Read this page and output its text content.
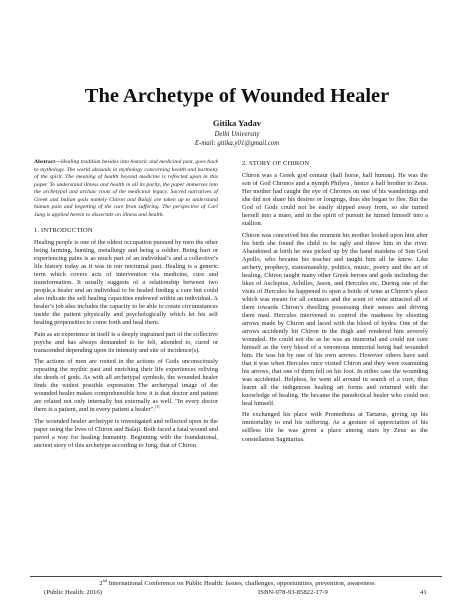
The Archetype of Wounded Healer
Gitika Yadav
Delhi University
E-mail: gitika.y01@gmail.com

Abstract—Healing tradition besides into historic and medicinal past, goes back to mythology. The world abounds in mythology concerning health and harmony of the spirit. The meaning of health beyond medicine is reflected upon in this paper. To understand illness and health in all its purity, the paper immerses into the archetypal and archaic roots of the medicinal legacy. Sacred narratives of Greek and Indian gods namely Chiron and Balaji are taken up to understand human pain and begetting of the cure from suffering. The perspective of Carl Jung is applied herein to dissertate on illness and health.

1. INTRODUCTION

Healing people is one of the oldest occupation pursued by men the other being farming, hunting, metallurgy and being a soldier. Being hurt or experiencing pains is as much part of an individual’s and a collective’s life history today as it was in our nocturnal past. Healing is a generic term which covers acts of intervention via medicine, cure and transformation. It usually suggests of a relationship between two people,a healer and an individual to be healed finding a cure but could also indicate the self healing capacities endowed within an individual. A healer’s job also includes the capacity to be able to create circumstances inside the patient physically and psychologically which let his self healing propensities to come forth and heal them.

Pain as an experience in itself is a deeply ingrained part of the collective psyche and has always demanded to be felt, attended to, cured or transcended depending upon its intensity and site of incidence(s).

The actions of men are rooted in the actions of Gods unconsciously repeating the mythic past and enriching their life experiences reliving the deeds of gods. As with all archetypal symbols, the wounded healer finds the widest possible expression The archetypal image of the wounded healer makes comprehensible how it is that doctor and patient are related not only internally but externally as well. "In every doctor there is a patient, and in every patient a healer".[1]

The wounded healer archetype is investigated and reflected upon in the paper using the lives of Chiron and Balaji. Both faced a fatal wound and paved a way for healing humanity. Beginning with the foundational, ancient story of this archetype according to Jung, that of Chiron.

2. STORY OF CHIRON

Chiron was a Greek god centaur (half horse, half human). He was the son of God Chronos and a nymph Philyra , hence a half brother to Zeus. Her mother had caught the eye of Chronos on one of his wanderings and she did not share his desires or longings, thus she began to flee. But the God of Gods could not be easily slipped away from, so she turned herself into a mare, and in the spirit of pursuit he turned himself into a stallion.

Chiron was conceived but the moment his mother looked upon him after his birth she found the child to be ugly and threw him in the river. Abandoned at birth he was picked up by the hand maidens of Sun God Apollo, who became his teacher and taught him all he knew. Like archery, prophecy, statesmanship, politics, music, poetry and the art of healing. Chiron taught many other Greek heroes and gods including the likes of Asclepius, Achilles, Jason, and Hercules etc. During one of the visits of Hercules he happened to open a bottle of wine at Chiron’s place which was meant for all centaurs and the scent of wine attracted all of them towards Chiron’s dwelling possessing their senses and driving them mad. Hercules intervened to control the madness by shooting arrows made by Chiron and laced with the blood of hydra. One of the arrows accidently hit Chiron in the thigh and rendered him severely wounded. He could not die as he was an immortal and could not cure himself as the very blood of a venomous immortal being had wounded him. He was hit by one of his own arrows. However others have said that it was when Hercules once visited Chiron and they were examining his arrows, that one of them fell on his foot. In either case the wounding was accidental. Helpless, he went all around in search of a cure, thus learnt all the indigenous healing art forms and returned with the knowledge of healing. He became the paradoxical healer who could not heal himself.

He exchanged his place with Prometheus at Tartarus, giving up his immortality to end his suffering. As a gesture of appreciation of his selfless life he was given a place among stars by Zeus as the constellation Sagittarius.

2nd International Conference on Public Health: Issues, challenges, opportunities, prevention, awareness
(Public Health: 2016)	ISBN-978-93-85822-17-9	41
